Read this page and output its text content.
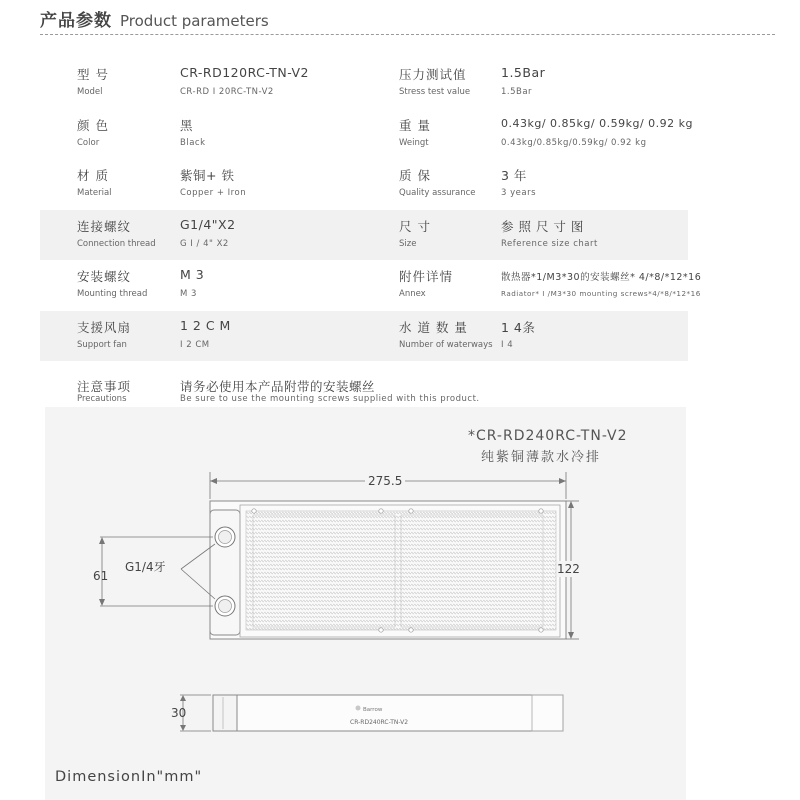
产品参数 Product parameters
型 号
Model
CR-RD120RC-TN-V2
CR-RD I 20RC-TN-V2
压力测试值
Stress test value
1.5Bar
1.5Bar
颜 色
Color
黑
Black
重 量
Weingt
0.43kg/ 0.85kg/ 0.59kg/ 0.92 kg
0.43kg/0.85kg/0.59kg/ 0.92 kg
材 质
Material
紫铜+ 铁
Copper + Iron
质 保
Quality assurance
3 年
3 years
连接螺纹
Connection thread
G1/4"X2
G I / 4" X2
尺 寸
Size
参 照 尺 寸 图
Reference size chart
安装螺纹
Mounting thread
M 3
M 3
附件详情
Annex
散热器*1/M3*30的安装螺丝* 4/*8/*12*16
Radiator* I /M3*30 mounting screws*4/*8/*12*16
支援风扇
Support fan
1 2 C M
I 2 CM
水 道 数 量
Number of waterways
1 4条
I 4
注意事项
Precautions
请务必使用本产品附带的安装螺丝
Be sure to use the mounting screws supplied with this product.
*CR-RD240RC-TN-V2
纯紫铜薄款水冷排
Barrow
CR-RD240RC-TN-V2
275.5
122
61
G1/4牙
30
DimensionIn"mm"
